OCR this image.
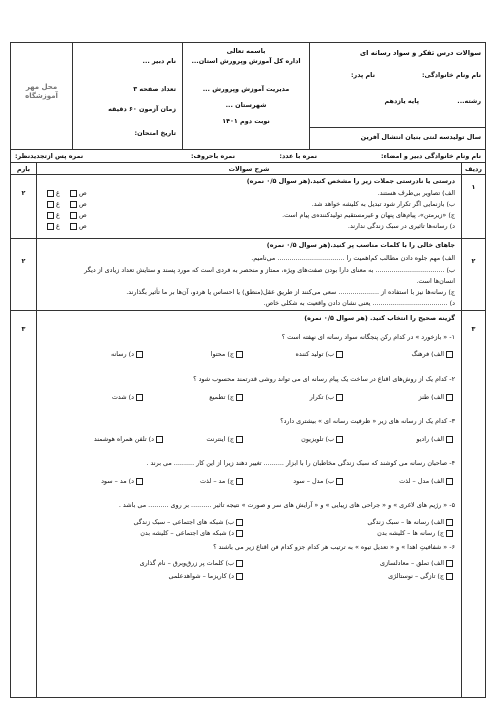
سوالات درس تفکر و سواد رسانه ای
نام ونام خانوادگی:
نام پدر:
رشته...
پایه یازدهم
باسمه تعالی
اداره کل آموزش وپرورش استان...
مدیریت آموزش وپرورش ...
شهرستان ...
نوبت دوم ۱۴۰۱
نام دبیر ...
تعداد صفحه ۳
زمان آزمون ۶۰ دقیقه
تاریخ امتحان:
محل مهر آموزشگاه
سال تولیدسه لنتی بنیان انتشال آفرین
نام ونام خانوادگی دبیر و امضاء:
نمره با عدد:
نمره باحروف:
نمره پس ازتجدیدنظر:
ردیف
شرح سوالات
بارم
۱
۲
درستی یا نادرستی جملات زیر را مشخص کنید.(هر سوال ۰/۵ نمره)
الف) تصاویر بی‌طرف هستند.
ب) بازنمایی اگر تکرار شود تبدیل به کلیشه خواهد شد.
ج) «زیرمتن»، پیام‌های پنهان و غیرمستقیم تولیدکننده‌ی پیام است.
د) رسانه‌ها تاثیری در سبک زندگی ندارند.
ص    غ
ص    غ
ص    غ
ص    غ
۲
۲
جاهای خالی را با کلمات مناسب پر کنید.(هر سوال ۰/۵ نمره)
الف) مهم جلوه دادن مطالب کم‌اهمیت را ................................. می‌نامیم.
ب) .................................. به معنای دارا بودن صفت‌های ویژه، ممتاز و منحصر به فردی است که مورد پسند و ستایش تعداد زیادی از دیگر
انسان‌ها است.
ج) رسانه‌ها نیز با استفاده از .................... سعی می‌کنند از طریق عقل(منطق) یا احساس یا هردو، آن‌ها بر ما تأثیر بگذارند.
د) ..................................... یعنی نشان دادن واقعیت به شکلی خاص.
۳
۳
گزینه صحیح را انتخاب کنید. (هر سوال ۰/۵ نمره)
۱- « بازخورد » در کدام رکن پنجگانه سواد رسانه ای نهفته است ؟
الف) فرهنگ
ب) تولید کننده
ج) محتوا
د) رسانه
۲- کدام یک از روش‌های اقناع در ساخت یک پیام رسانه ای می تواند روشی قدرتمند محسوب شود ؟
الف) طنز
ب) تکرار
ج) تطمیع
د) شدت
۳- کدام یک از رسانه های زیر « ظرفیت رسانه ای » بیشتری دارد؟
الف) رادیو
ب) تلویزیون
ج) اینترنت
د) تلفن همراه هوشمند
۴- صاحبان رسانه می کوشند که سبک زندگی مخاطبان را با ابزار .......... تغییر دهند زیرا از این کار .......... می برند .
الف) مدل – لذت
ب) مدل – سود
ج) مد – لذت
د) مد – سود
۵- « رژیم های لاغری » و « جراحی های زیبایی » و « آرایش های سر و صورت » نتیجه تاثیر .......... بر روی .......... می باشد .
الف) رسانه ها – سبک زندگی
ب) شبکه های اجتماعی – سبک زندگی
ج) رسانه ها – کلیشه بدن
د) شبکه های اجتماعی – کلیشه بدن
۶- « شفافیتِ اهدا » و « تعدیل تیوه » به ترتیب هر کدام جزو کدام فن اقناع زیر می باشند ؟
الف) تملق – معادلسازی
ب) کلمات پر زرق‌وبرق – نام گذاری
ج) تازگی – نوستالژی
د) کاریزما – شواهدعلمی
